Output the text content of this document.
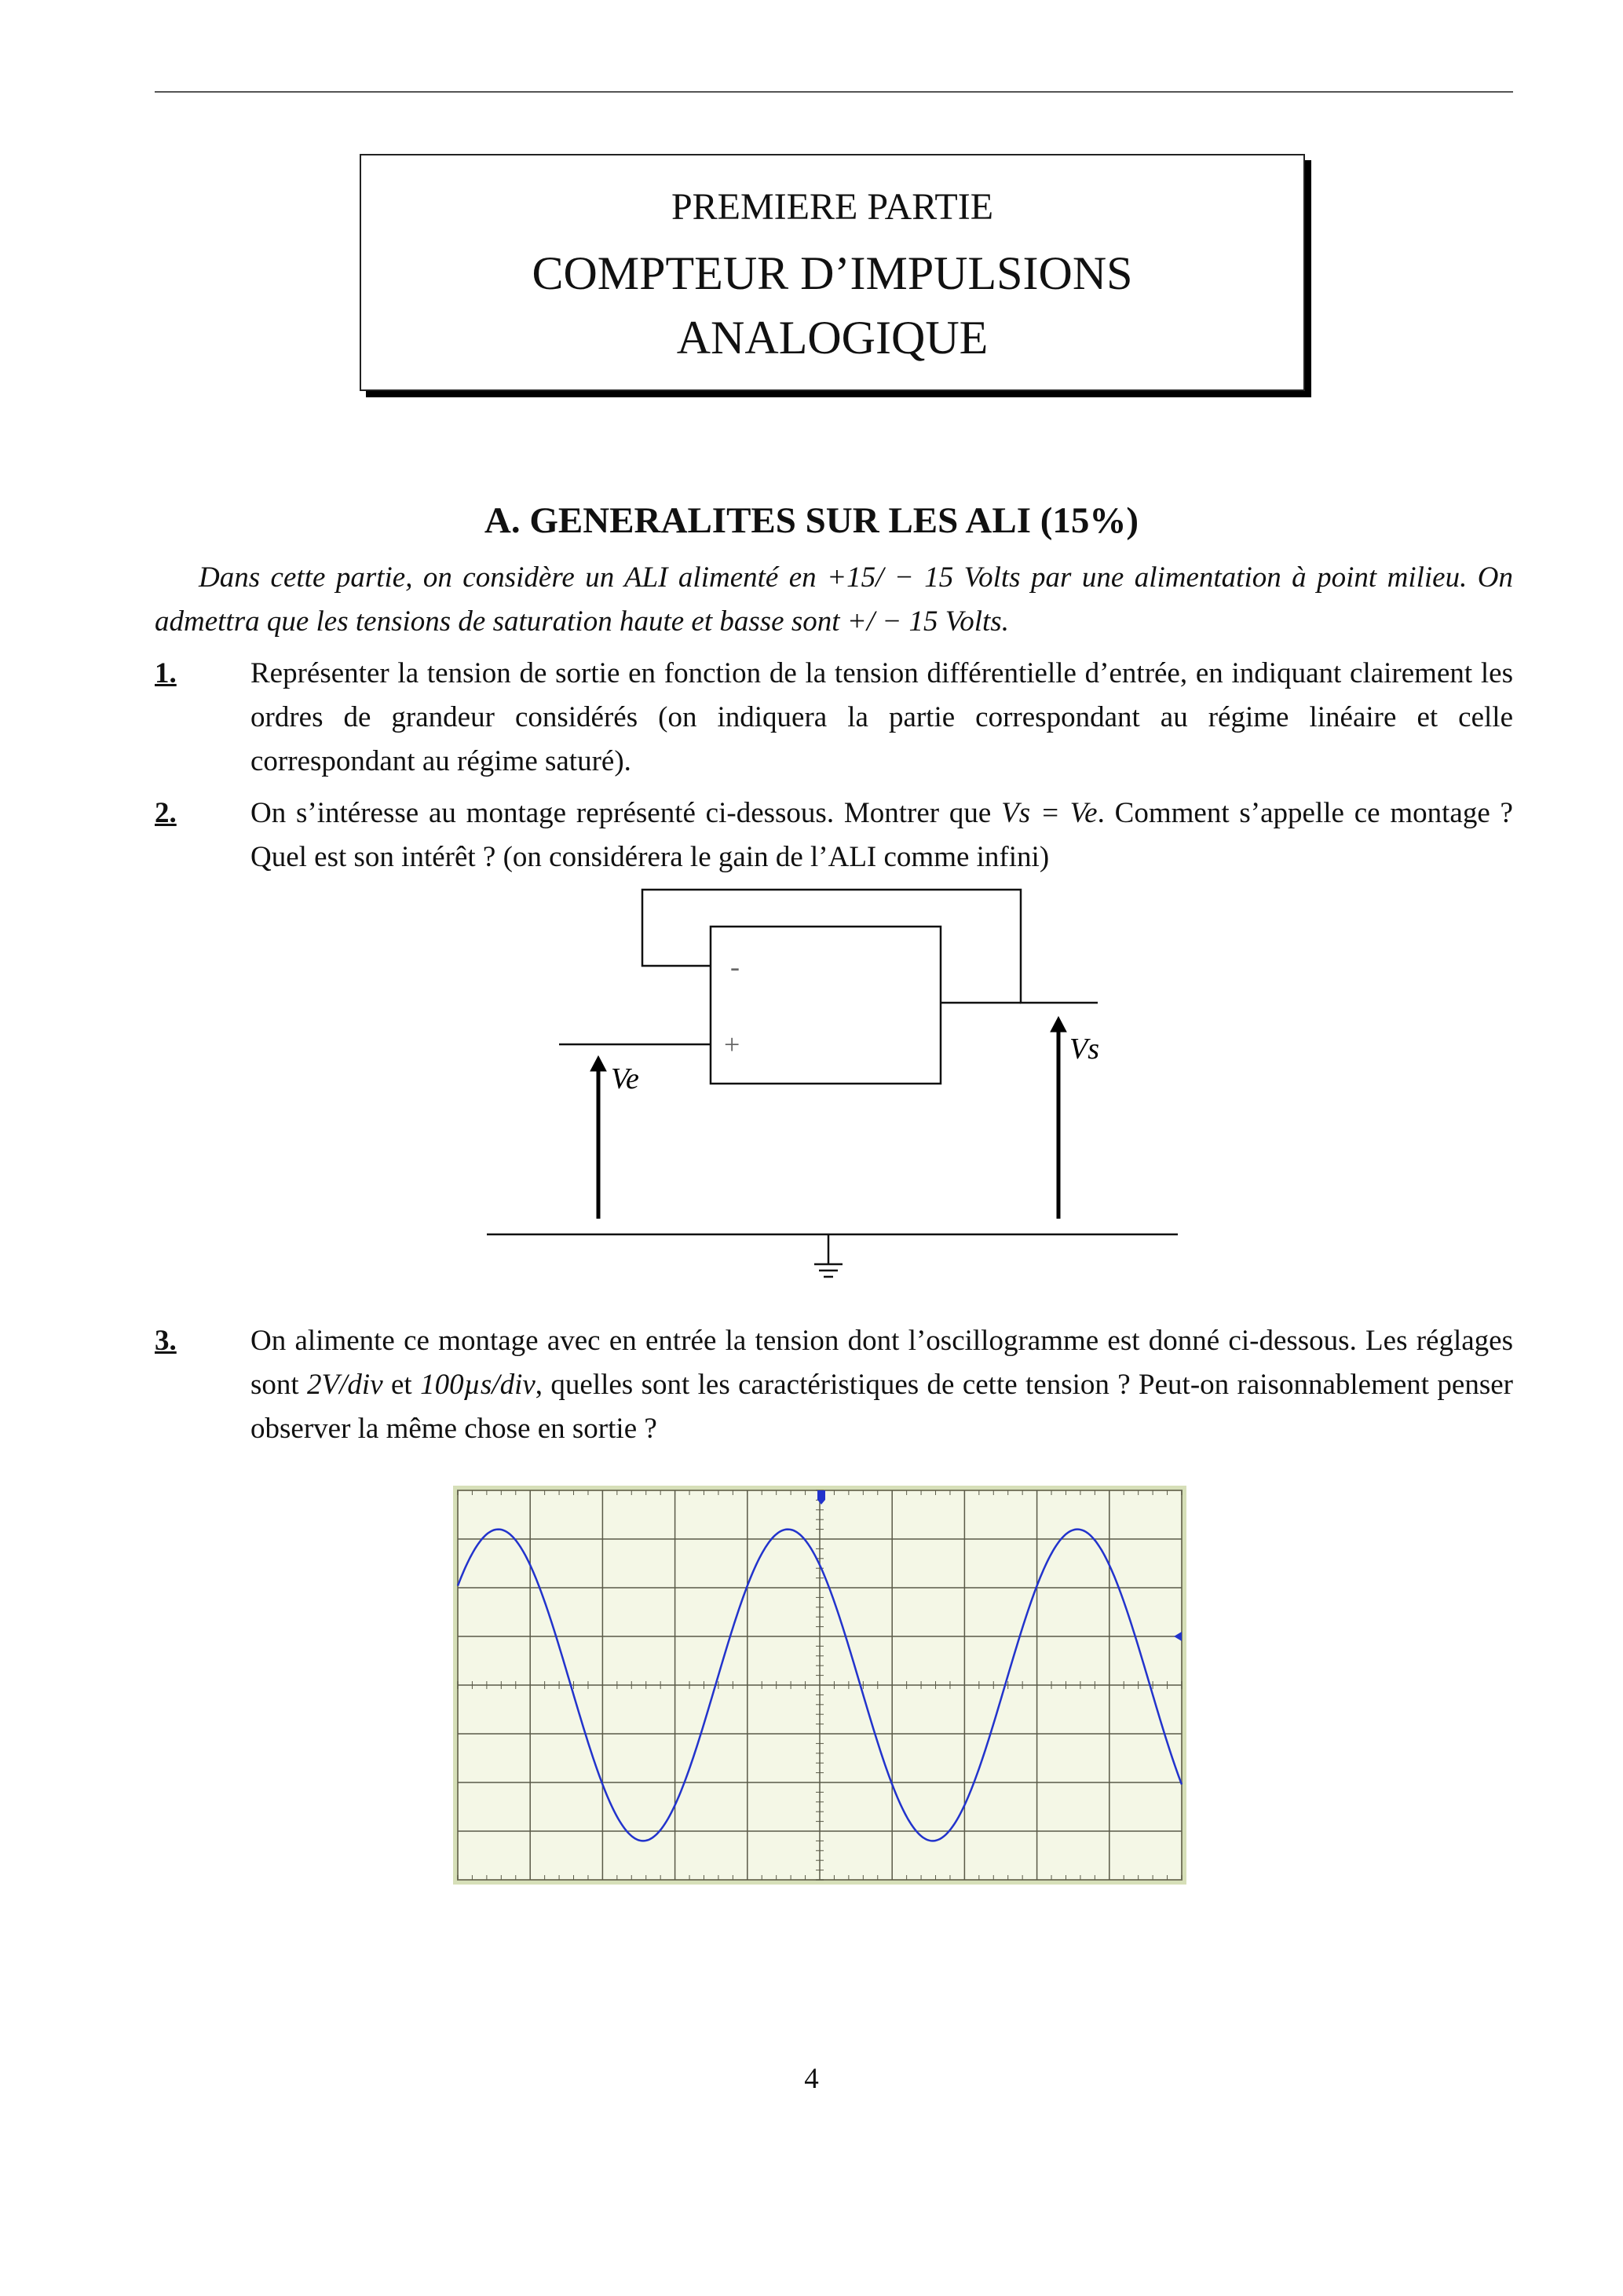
PREMIERE PARTIE
COMPTEUR D’IMPULSIONS
ANALOGIQUE
A. GENERALITES SUR LES ALI (15%)
Dans cette partie, on considère un ALI alimenté en +15/ − 15 Volts par une alimentation à point milieu. On admettra que les tensions de saturation haute et basse sont +/ − 15 Volts.
1.	Représenter la tension de sortie en fonction de la tension différentielle d’entrée, en indiquant clairement les ordres de grandeur considérés (on indiquera la partie correspondant au régime linéaire et celle correspondant au régime saturé).
2.	On s’intéresse au montage représenté ci-dessous. Montrer que Vs = Ve. Comment s’appelle ce montage ? Quel est son intérêt ? (on considérera le gain de l’ALI comme infini)
-
+
Ve
Vs
3.	On alimente ce montage avec en entrée la tension dont l’oscillogramme est donné ci-dessous. Les réglages sont 2V/div et 100µs/div, quelles sont les caractéristiques de cette tension ? Peut-on raisonnablement penser observer la même chose en sortie ?
4
